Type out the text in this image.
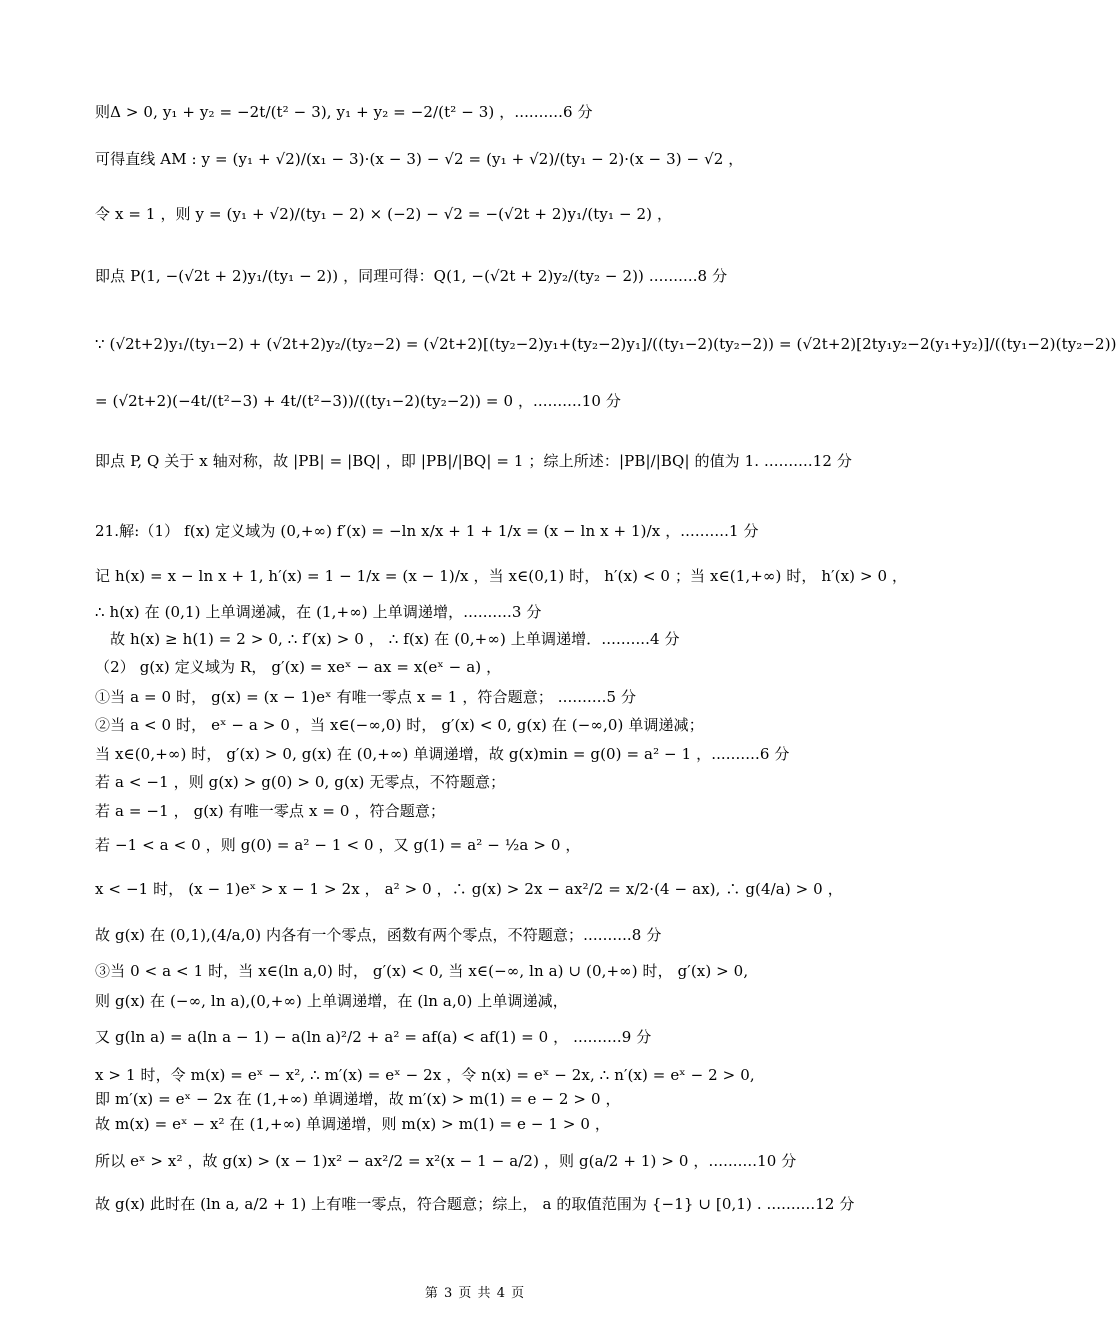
则Δ > 0, y₁ + y₂ = −2t/(t² − 3), y₁ + y₂ = −2/(t² − 3) ，..........6 分
可得直线 AM : y = (y₁ + √2)/(x₁ − 3)·(x − 3) − √2 = (y₁ + √2)/(ty₁ − 2)·(x − 3) − √2 ，
令 x = 1 ，则 y = (y₁ + √2)/(ty₁ − 2) × (−2) − √2 = −(√2t + 2)y₁/(ty₁ − 2) ，
即点 P(1, −(√2t + 2)y₁/(ty₁ − 2)) ，同理可得：Q(1, −(√2t + 2)y₂/(ty₂ − 2)) ..........8 分
∵ (√2t+2)y₁/(ty₁−2) + (√2t+2)y₂/(ty₂−2) = (√2t+2)[(ty₂−2)y₁+(ty₂−2)y₁]/((ty₁−2)(ty₂−2)) = (√2t+2)[2ty₁y₂−2(y₁+y₂)]/((ty₁−2)(ty₂−2))
= (√2t+2)(−4t/(t²−3) + 4t/(t²−3))/((ty₁−2)(ty₂−2)) = 0 ，..........10 分
即点 P, Q 关于 x 轴对称，故 |PB| = |BQ| ，即 |PB|/|BQ| = 1 ；综上所述：|PB|/|BQ| 的值为 1. ..........12 分
21.解:（1） f(x) 定义域为 (0,+∞) f′(x) = −ln x/x + 1 + 1/x = (x − ln x + 1)/x ，..........1 分
记 h(x) = x − ln x + 1, h′(x) = 1 − 1/x = (x − 1)/x ，当 x∈(0,1) 时， h′(x) < 0 ；当 x∈(1,+∞) 时， h′(x) > 0 ，
∴ h(x) 在 (0,1) 上单调递减，在 (1,+∞) 上单调递增，..........3 分
故 h(x) ≥ h(1) = 2 > 0, ∴ f′(x) > 0 ， ∴ f(x) 在 (0,+∞) 上单调递增．..........4 分
（2） g(x) 定义域为 R， g′(x) = xeˣ − ax = x(eˣ − a) ，
①当 a = 0 时， g(x) = (x − 1)eˣ 有唯一零点 x = 1 ，符合题意； ..........5 分
②当 a < 0 时， eˣ − a > 0 ，当 x∈(−∞,0) 时， g′(x) < 0, g(x) 在 (−∞,0) 单调递减；
当 x∈(0,+∞) 时， g′(x) > 0, g(x) 在 (0,+∞) 单调递增，故 g(x)min = g(0) = a² − 1 ，..........6 分
若 a < −1 ，则 g(x) > g(0) > 0, g(x) 无零点，不符题意；
若 a = −1 ， g(x) 有唯一零点 x = 0 ，符合题意；
若 −1 < a < 0 ，则 g(0) = a² − 1 < 0 ，又 g(1) = a² − ½a > 0 ，
x < −1 时， (x − 1)eˣ > x − 1 > 2x ， a² > 0 ，∴ g(x) > 2x − ax²/2 = x/2·(4 − ax), ∴ g(4/a) > 0 ，
故 g(x) 在 (0,1),(4/a,0) 内各有一个零点，函数有两个零点，不符题意；..........8 分
③当 0 < a < 1 时，当 x∈(ln a,0) 时， g′(x) < 0, 当 x∈(−∞, ln a) ∪ (0,+∞) 时， g′(x) > 0,
则 g(x) 在 (−∞, ln a),(0,+∞) 上单调递增，在 (ln a,0) 上单调递减，
又 g(ln a) = a(ln a − 1) − a(ln a)²/2 + a² = af(a) < af(1) = 0 ， ..........9 分
x > 1 时，令 m(x) = eˣ − x², ∴ m′(x) = eˣ − 2x ，令 n(x) = eˣ − 2x, ∴ n′(x) = eˣ − 2 > 0,
即 m′(x) = eˣ − 2x 在 (1,+∞) 单调递增，故 m′(x) > m(1) = e − 2 > 0 ，
故 m(x) = eˣ − x² 在 (1,+∞) 单调递增，则 m(x) > m(1) = e − 1 > 0 ，
所以 eˣ > x² ，故 g(x) > (x − 1)x² − ax²/2 = x²(x − 1 − a/2) ，则 g(a/2 + 1) > 0 ，..........10 分
故 g(x) 此时在 (ln a, a/2 + 1) 上有唯一零点，符合题意；综上， a 的取值范围为 {−1} ∪ [0,1) . ..........12 分
第 3 页 共 4 页
